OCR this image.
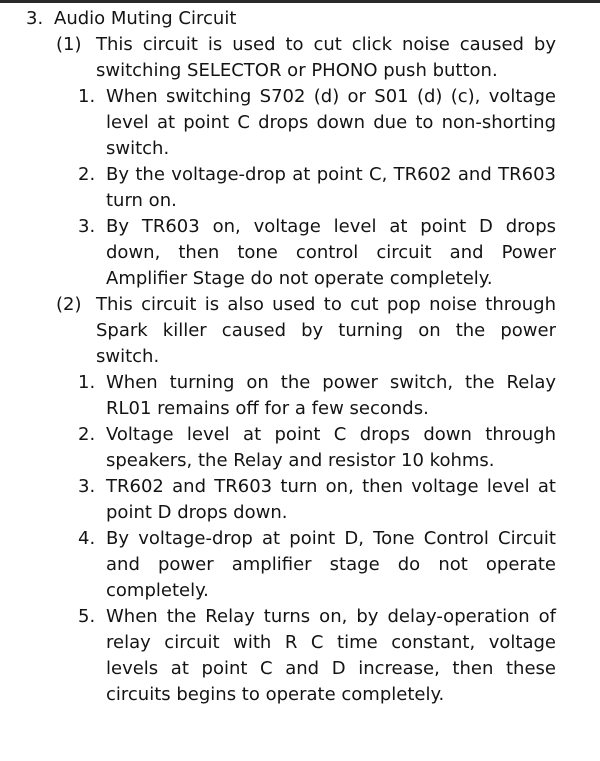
3. Audio Muting Circuit
(1) This circuit is used to cut click noise caused by switching SELECTOR or PHONO push button.
1. When switching S702 (d) or S01 (d) (c), voltage level at point C drops down due to non-shorting switch.
2. By the voltage-drop at point C, TR602 and TR603 turn on.
3. By TR603 on, voltage level at point D drops down, then tone control circuit and Power Amplifier Stage do not operate completely.
(2) This circuit is also used to cut pop noise through Spark killer caused by turning on the power switch.
1. When turning on the power switch, the Relay RL01 remains off for a few seconds.
2. Voltage level at point C drops down through speakers, the Relay and resistor 10 kohms.
3. TR602 and TR603 turn on, then voltage level at point D drops down.
4. By voltage-drop at point D, Tone Control Circuit and power amplifier stage do not operate completely.
5. When the Relay turns on, by delay-operation of relay circuit with R C time constant, voltage levels at point C and D increase, then these circuits begins to operate completely.
